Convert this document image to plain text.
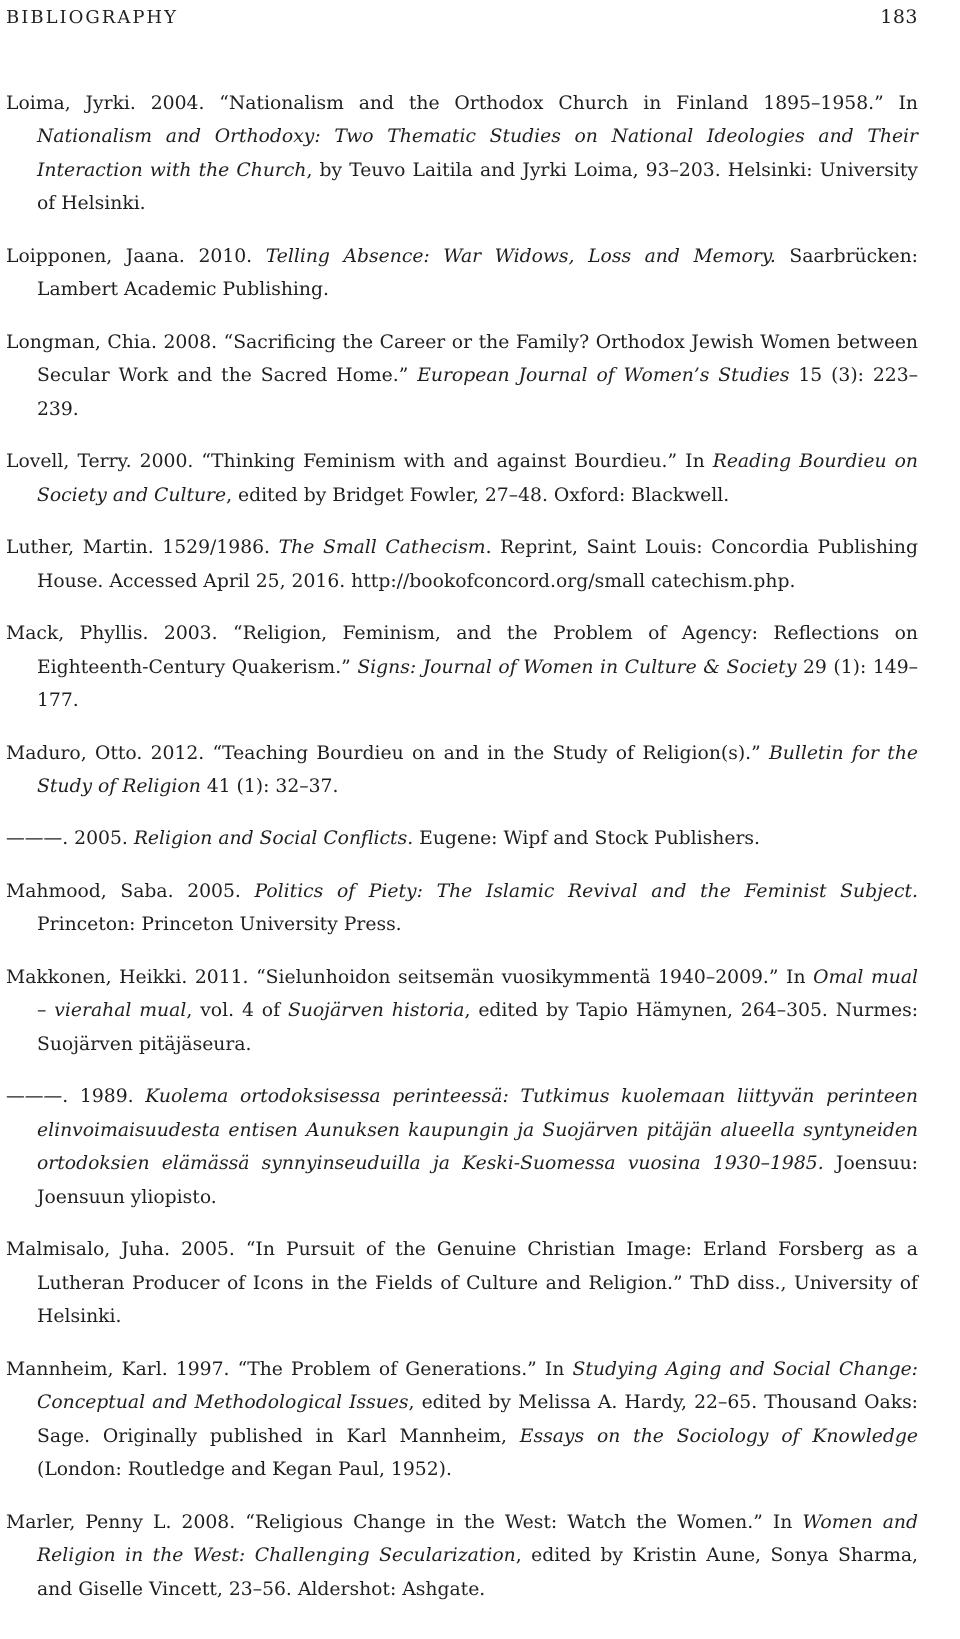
BIBLIOGRAPHY	183

Loima, Jyrki. 2004. “Nationalism and the Orthodox Church in Finland 1895–1958.” In Nationalism and Orthodoxy: Two Thematic Studies on National Ideologies and Their Interaction with the Church, by Teuvo Laitila and Jyrki Loima, 93–203. Helsinki: University of Helsinki.

Loipponen, Jaana. 2010. Telling Absence: War Widows, Loss and Memory. Saarbrücken: Lambert Academic Publishing.

Longman, Chia. 2008. “Sacrificing the Career or the Family? Orthodox Jewish Women between Secular Work and the Sacred Home.” European Journal of Women’s Studies 15 (3): 223–239.

Lovell, Terry. 2000. “Thinking Feminism with and against Bourdieu.” In Reading Bourdieu on Society and Culture, edited by Bridget Fowler, 27–48. Oxford: Blackwell.

Luther, Martin. 1529/1986. The Small Cathecism. Reprint, Saint Louis: Concordia Publishing House. Accessed April 25, 2016. http://bookofconcord.org/small catechism.php.

Mack, Phyllis. 2003. “Religion, Feminism, and the Problem of Agency: Reflections on Eighteenth-Century Quakerism.” Signs: Journal of Women in Culture & Society 29 (1): 149–177.

Maduro, Otto. 2012. “Teaching Bourdieu on and in the Study of Religion(s).” Bulletin for the Study of Religion 41 (1): 32–37.

———. 2005. Religion and Social Conflicts. Eugene: Wipf and Stock Publishers.

Mahmood, Saba. 2005. Politics of Piety: The Islamic Revival and the Feminist Subject. Princeton: Princeton University Press.

Makkonen, Heikki. 2011. “Sielunhoidon seitsemän vuosikymmentä 1940–2009.” In Omal mual – vierahal mual, vol. 4 of Suojärven historia, edited by Tapio Hämynen, 264–305. Nurmes: Suojärven pitäjäseura.

———. 1989. Kuolema ortodoksisessa perinteessä: Tutkimus kuolemaan liittyvän perinteen elinvoimaisuudesta entisen Aunuksen kaupungin ja Suojärven pitäjän alueella syntyneiden ortodoksien elämässä synnyinseuduilla ja Keski-Suomessa vuosina 1930–1985. Joensuu: Joensuun yliopisto.

Malmisalo, Juha. 2005. “In Pursuit of the Genuine Christian Image: Erland Forsberg as a Lutheran Producer of Icons in the Fields of Culture and Religion.” ThD diss., University of Helsinki.

Mannheim, Karl. 1997. “The Problem of Generations.” In Studying Aging and Social Change: Conceptual and Methodological Issues, edited by Melissa A. Hardy, 22–65. Thousand Oaks: Sage. Originally published in Karl Mannheim, Essays on the Sociology of Knowledge (London: Routledge and Kegan Paul, 1952).

Marler, Penny L. 2008. “Religious Change in the West: Watch the Women.” In Women and Religion in the West: Challenging Secularization, edited by Kristin Aune, Sonya Sharma, and Giselle Vincett, 23–56. Aldershot: Ashgate.
